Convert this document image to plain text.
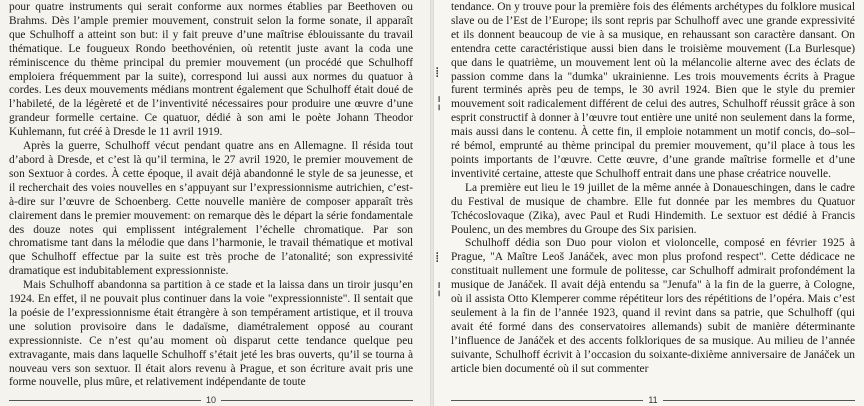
pour quatre instruments qui serait conforme aux normes établies par Beethoven ou Brahms. Dès l’ample premier mouvement, construit selon la forme sonate, il apparaît que Schulhoff a atteint son but: il y fait preuve d’une maîtrise éblouissante du travail thématique. Le fougueux Rondo beethovénien, où retentit juste avant la coda une réminiscence du thème principal du premier mouvement (un procédé que Schulhoff emploiera fréquemment par la suite), correspond lui aussi aux normes du quatuor à cordes. Les deux mouvements médians montrent également que Schulhoff était doué de l’habileté, de la légèreté et de l’inventivité nécessaires pour produire une œuvre d’une grandeur formelle certaine. Ce quatuor, dédié à son ami le poète Johann Theodor Kuhlemann, fut créé à Dresde le 11 avril 1919.

Après la guerre, Schulhoff vécut pendant quatre ans en Allemagne. Il résida tout d’abord à Dresde, et c’est là qu’il termina, le 27 avril 1920, le premier mouvement de son Sextuor à cordes. À cette époque, il avait déjà abandonné le style de sa jeunesse, et il recherchait des voies nouvelles en s’appuyant sur l’expressionnisme autrichien, c’est-à-dire sur l’œuvre de Schoenberg. Cette nouvelle manière de composer apparaît très clairement dans le premier mouvement: on remarque dès le départ la série fondamentale des douze notes qui emplissent intégralement l’échelle chromatique. Par son chromatisme tant dans la mélodie que dans l’harmonie, le travail thématique et motival que Schulhoff effectue par la suite est très proche de l’atonalité; son expressivité dramatique est indubitablement expressionniste.

Mais Schulhoff abandonna sa partition à ce stade et la laissa dans un tiroir jusqu’en 1924. En effet, il ne pouvait plus continuer dans la voie "expressionniste". Il sentait que la poésie de l’expressionnisme était étrangère à son tempérament artistique, et il trouva une solution provisoire dans le dadaïsme, diamétralement opposé au courant expressionniste. Ce n’est qu’au moment où disparut cette tendance quelque peu extravagante, mais dans laquelle Schulhoff s’était jeté les bras ouverts, qu’il se tourna à nouveau vers son sextuor. Il était alors revenu à Prague, et son écriture avait pris une forme nouvelle, plus mûre, et relativement indépendante de toute

10
⁞
╎
⁞
╎

tendance. On y trouve pour la première fois des éléments archétypes du folklore musical slave ou de l’Est de l’Europe; ils sont repris par Schulhoff avec une grande expressivité et ils donnent beaucoup de vie à sa musique, en rehaussant son caractère dansant. On entendra cette caractéristique aussi bien dans le troisième mouvement (La Burlesque) que dans le quatrième, un mouvement lent où la mélancolie alterne avec des éclats de passion comme dans la "dumka" ukrainienne. Les trois mouvements écrits à Prague furent terminés après peu de temps, le 30 avril 1924. Bien que le style du premier mouvement soit radicalement différent de celui des autres, Schulhoff réussit grâce à son esprit constructif à donner à l’œuvre tout entière une unité non seulement dans la forme, mais aussi dans le contenu. À cette fin, il emploie notamment un motif concis, do–sol–ré bémol, emprunté au thème principal du premier mouvement, qu’il place à tous les points importants de l’œuvre. Cette œuvre, d’une grande maîtrise formelle et d’une inventivité certaine, atteste que Schulhoff entrait dans une phase créatrice nouvelle.

La première eut lieu le 19 juillet de la même année à Donaueschingen, dans le cadre du Festival de musique de chambre. Elle fut donnée par les membres du Quatuor Tchécoslovaque (Zika), avec Paul et Rudi Hindemith. Le sextuor est dédié à Francis Poulenc, un des membres du Groupe des Six parisien.

Schulhoff dédia son Duo pour violon et violoncelle, composé en février 1925 à Prague, "A Maître Leoš Janáček, avec mon plus profond respect". Cette dédicace ne constituait nullement une formule de politesse, car Schulhoff admirait profondément la musique de Janáček. Il avait déjà entendu sa "Jenufa" à la fin de la guerre, à Cologne, où il assista Otto Klemperer comme répétiteur lors des répétitions de l’opéra. Mais c’est seulement à la fin de l’année 1923, quand il revint dans sa patrie, que Schulhoff (qui avait été formé dans des conservatoires allemands) subit de manière déterminante l’influence de Janáček et des accents folkloriques de sa musique. Au milieu de l’année suivante, Schulhoff écrivit à l’occasion du soixante-dixième anniversaire de Janáček un article bien documenté où il sut commenter

11
